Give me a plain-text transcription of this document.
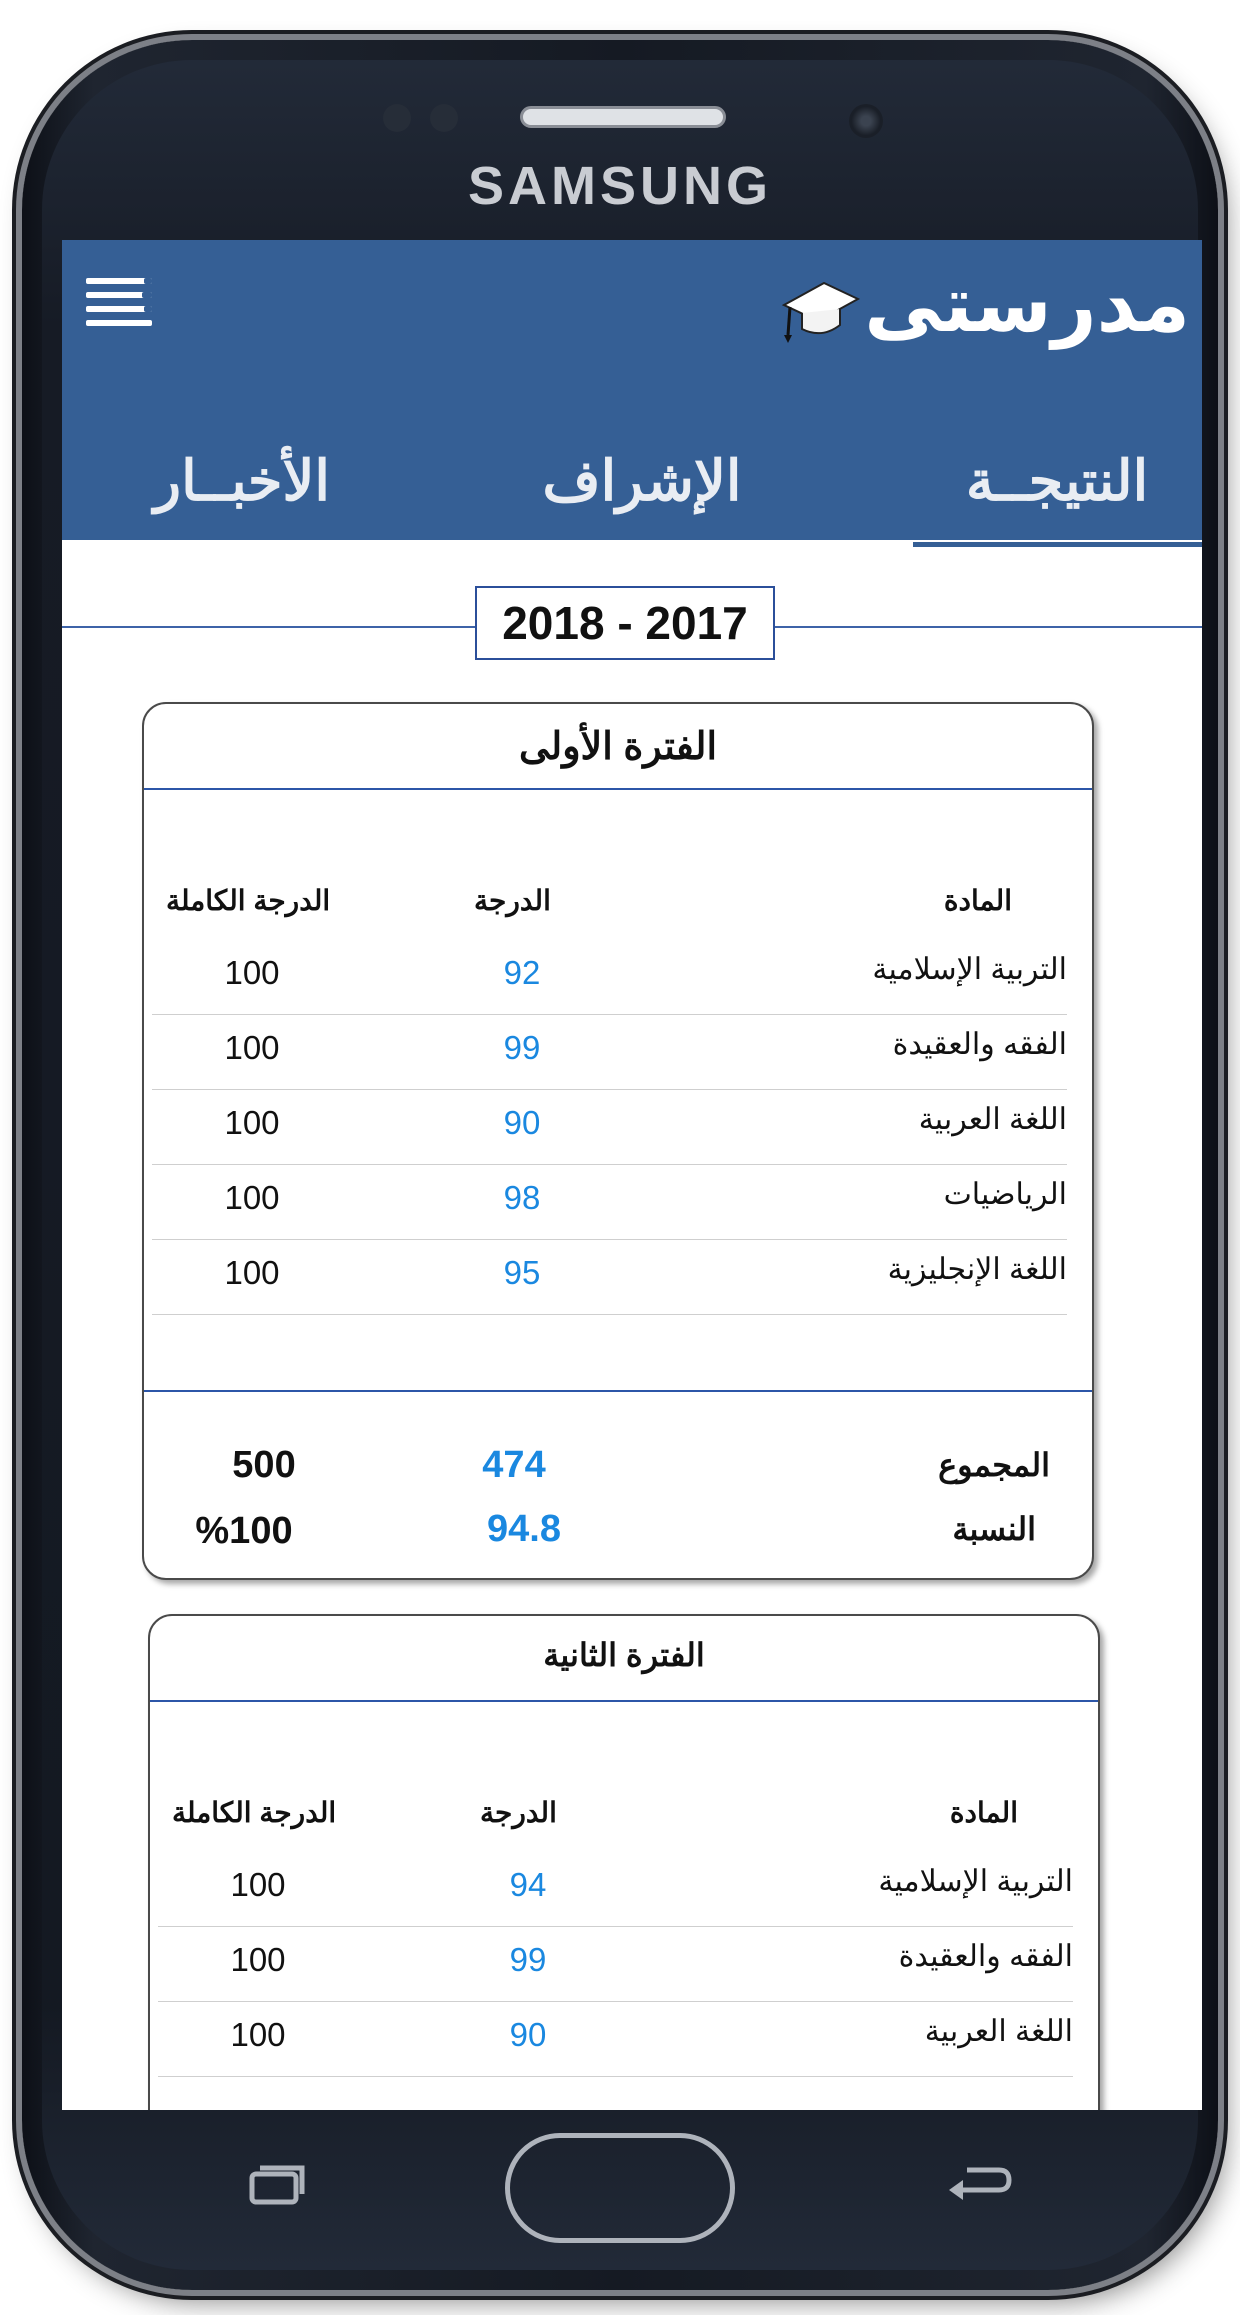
SAMSUNG
مدرستى
النتيجــة
الإشراف
الأخبــار
2018 - 2017
الفترة الأولى
المادة
الدرجة
الدرجة الكاملة
التربية الإسلامية
92
100
الفقه والعقيدة
99
100
اللغة العربية
90
100
الرياضيات
98
100
اللغة الإنجليزية
95
100
المجموع
474
500
النسبة
94.8
%100
الفترة الثانية
المادة
الدرجة
الدرجة الكاملة
التربية الإسلامية
94
100
الفقه والعقيدة
99
100
اللغة العربية
90
100
